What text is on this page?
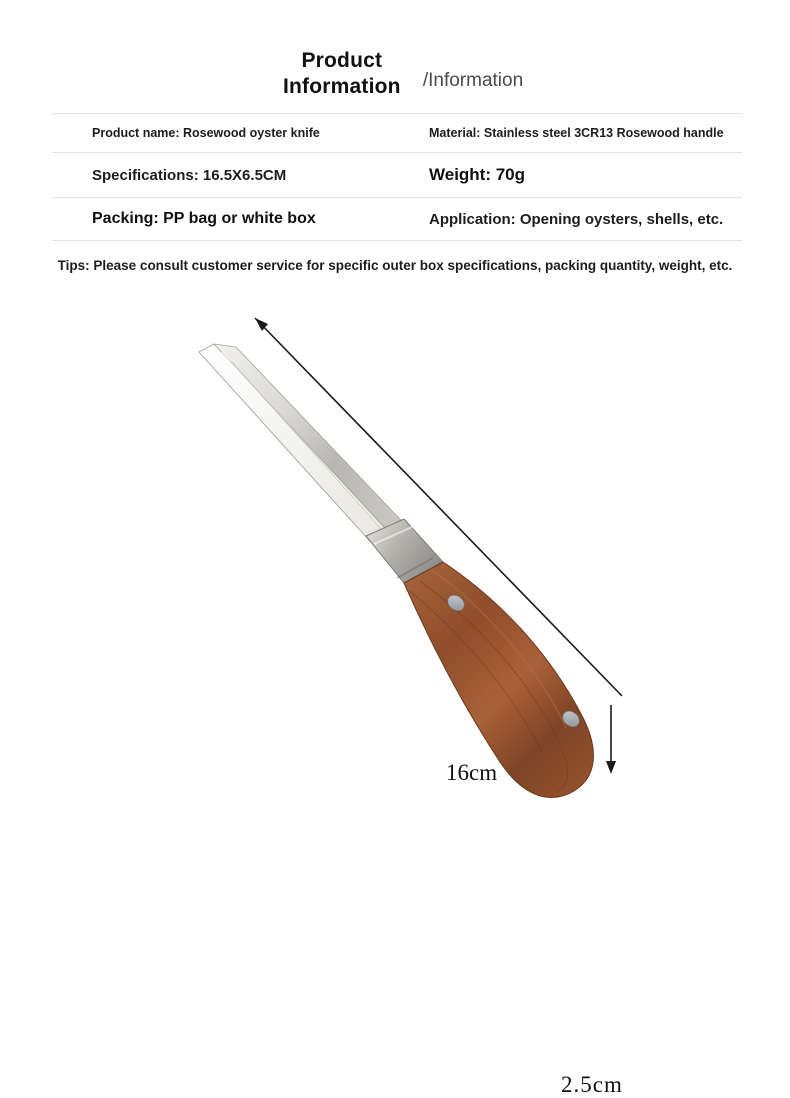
Product Information	/Information
Product name: Rosewood oyster knife	Material: Stainless steel 3CR13 Rosewood handle
Specifications: 16.5X6.5CM	Weight: 70g
Packing: PP bag or white box	Application: Opening oysters, shells, etc.
Tips: Please consult customer service for specific outer box specifications, packing quantity, weight, etc.
16cm
2.5cm
